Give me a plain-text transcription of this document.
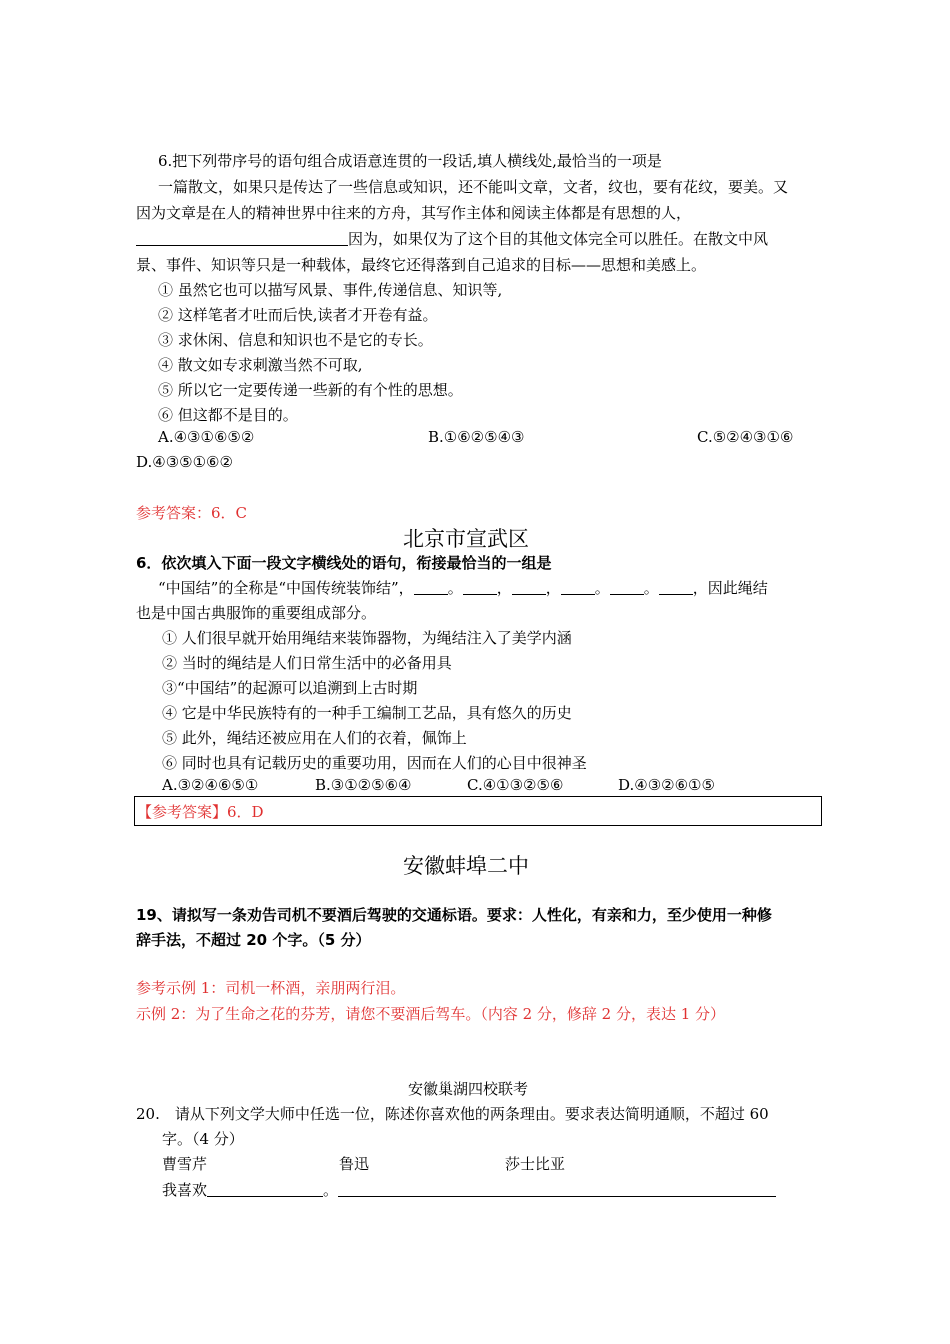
6.把下列带序号的语句组合成语意连贯的一段话,填人横线处,最恰当的一项是
一篇散文，如果只是传达了一些信息或知识，还不能叫文章，文者，纹也，要有花纹，要美。又
因为文章是在人的精神世界中往来的方舟，其写作主体和阅读主体都是有思想的人，
因为，如果仅为了这个目的其他文体完全可以胜任。在散文中风
景、事件、知识等只是一种载体，最终它还得落到自己追求的目标——思想和美感上。
① 虽然它也可以描写风景、事件,传递信息、知识等,
② 这样笔者才吐而后快,读者才开卷有益。
③ 求休闲、信息和知识也不是它的专长。
④ 散文如专求刺激当然不可取,
⑤ 所以它一定要传递一些新的有个性的思想。
⑥ 但这都不是目的。
A.④③①⑥⑤②	B.①⑥②⑤④③	C.⑤②④③①⑥
D.④③⑤①⑥②
参考答案：6．C
北京市宣武区
6．依次填入下面一段文字横线处的语句，衔接最恰当的一组是
“中国结”的全称是“中国传统装饰结”， 。 ， ， 。 。 ，因此绳结
也是中国古典服饰的重要组成部分。
① 人们很早就开始用绳结来装饰器物，为绳结注入了美学内涵
② 当时的绳结是人们日常生活中的必备用具
③“中国结”的起源可以追溯到上古时期
④ 它是中华民族特有的一种手工编制工艺品，具有悠久的历史
⑤ 此外，绳结还被应用在人们的衣着，佩饰上
⑥ 同时也具有记载历史的重要功用，因而在人们的心目中很神圣
A.③②④⑥⑤①	B.③①②⑤⑥④	C.④①③②⑤⑥	D.④③②⑥①⑤
【参考答案】6．D
安徽蚌埠二中
19、请拟写一条劝告司机不要酒后驾驶的交通标语。要求：人性化，有亲和力，至少使用一种修
辞手法，不超过 20 个字。（5 分）
参考示例 1：司机一杯酒，亲朋两行泪。
示例 2：为了生命之花的芬芳，请您不要酒后驾车。（内容 2 分，修辞 2 分，表达 1 分）
安徽巢湖四校联考
20.　请从下列文学大师中任选一位，陈述你喜欢他的两条理由。要求表达简明通顺，不超过 60
字。（4 分）
曹雪芹	鲁迅	莎士比亚
我喜欢	。
